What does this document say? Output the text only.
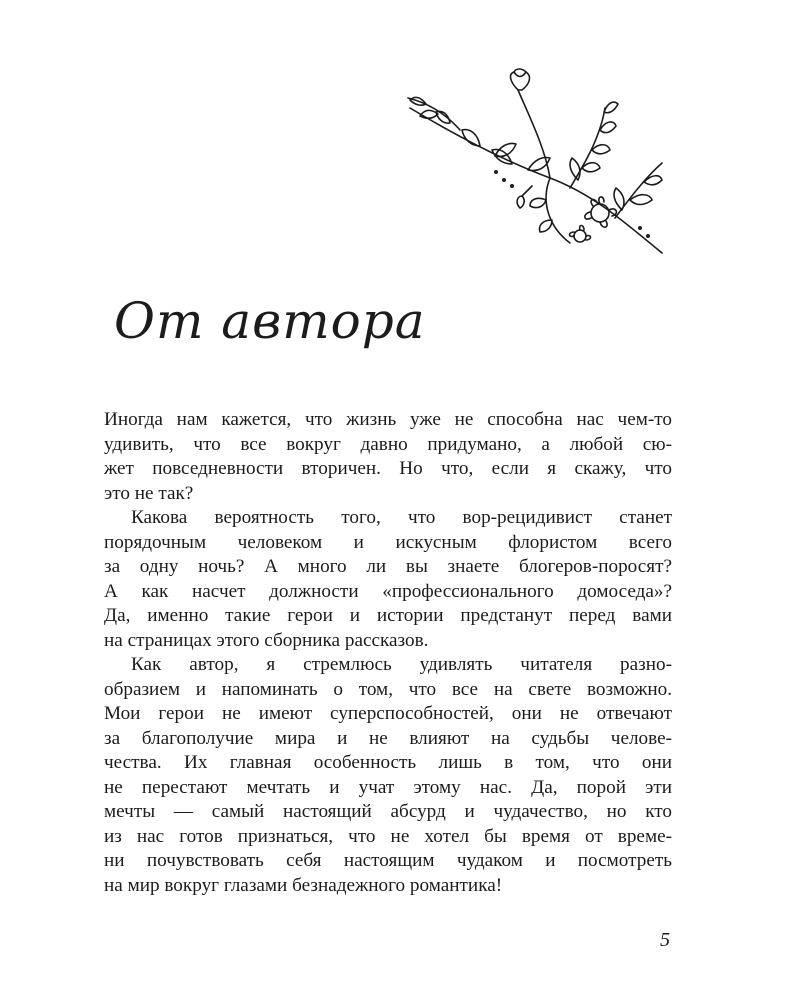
От автора
Иногда нам кажется, что жизнь уже не способна нас чем-то
удивить, что все вокруг давно придумано, а любой сю-
жет повседневности вторичен. Но что, если я скажу, что
это не так?
Какова вероятность того, что вор-рецидивист станет
порядочным человеком и искусным флористом всего
за одну ночь? А много ли вы знаете блогеров-поросят?
А как насчет должности «профессионального домоседа»?
Да, именно такие герои и истории предстанут перед вами
на страницах этого сборника рассказов.
Как автор, я стремлюсь удивлять читателя разно-
образием и напоминать о том, что все на свете возможно.
Мои герои не имеют суперспособностей, они не отвечают
за благополучие мира и не влияют на судьбы челове-
чества. Их главная особенность лишь в том, что они
не перестают мечтать и учат этому нас. Да, порой эти
мечты — самый настоящий абсурд и чудачество, но кто
из нас готов признаться, что не хотел бы время от време-
ни почувствовать себя настоящим чудаком и посмотреть
на мир вокруг глазами безнадежного романтика!
5
